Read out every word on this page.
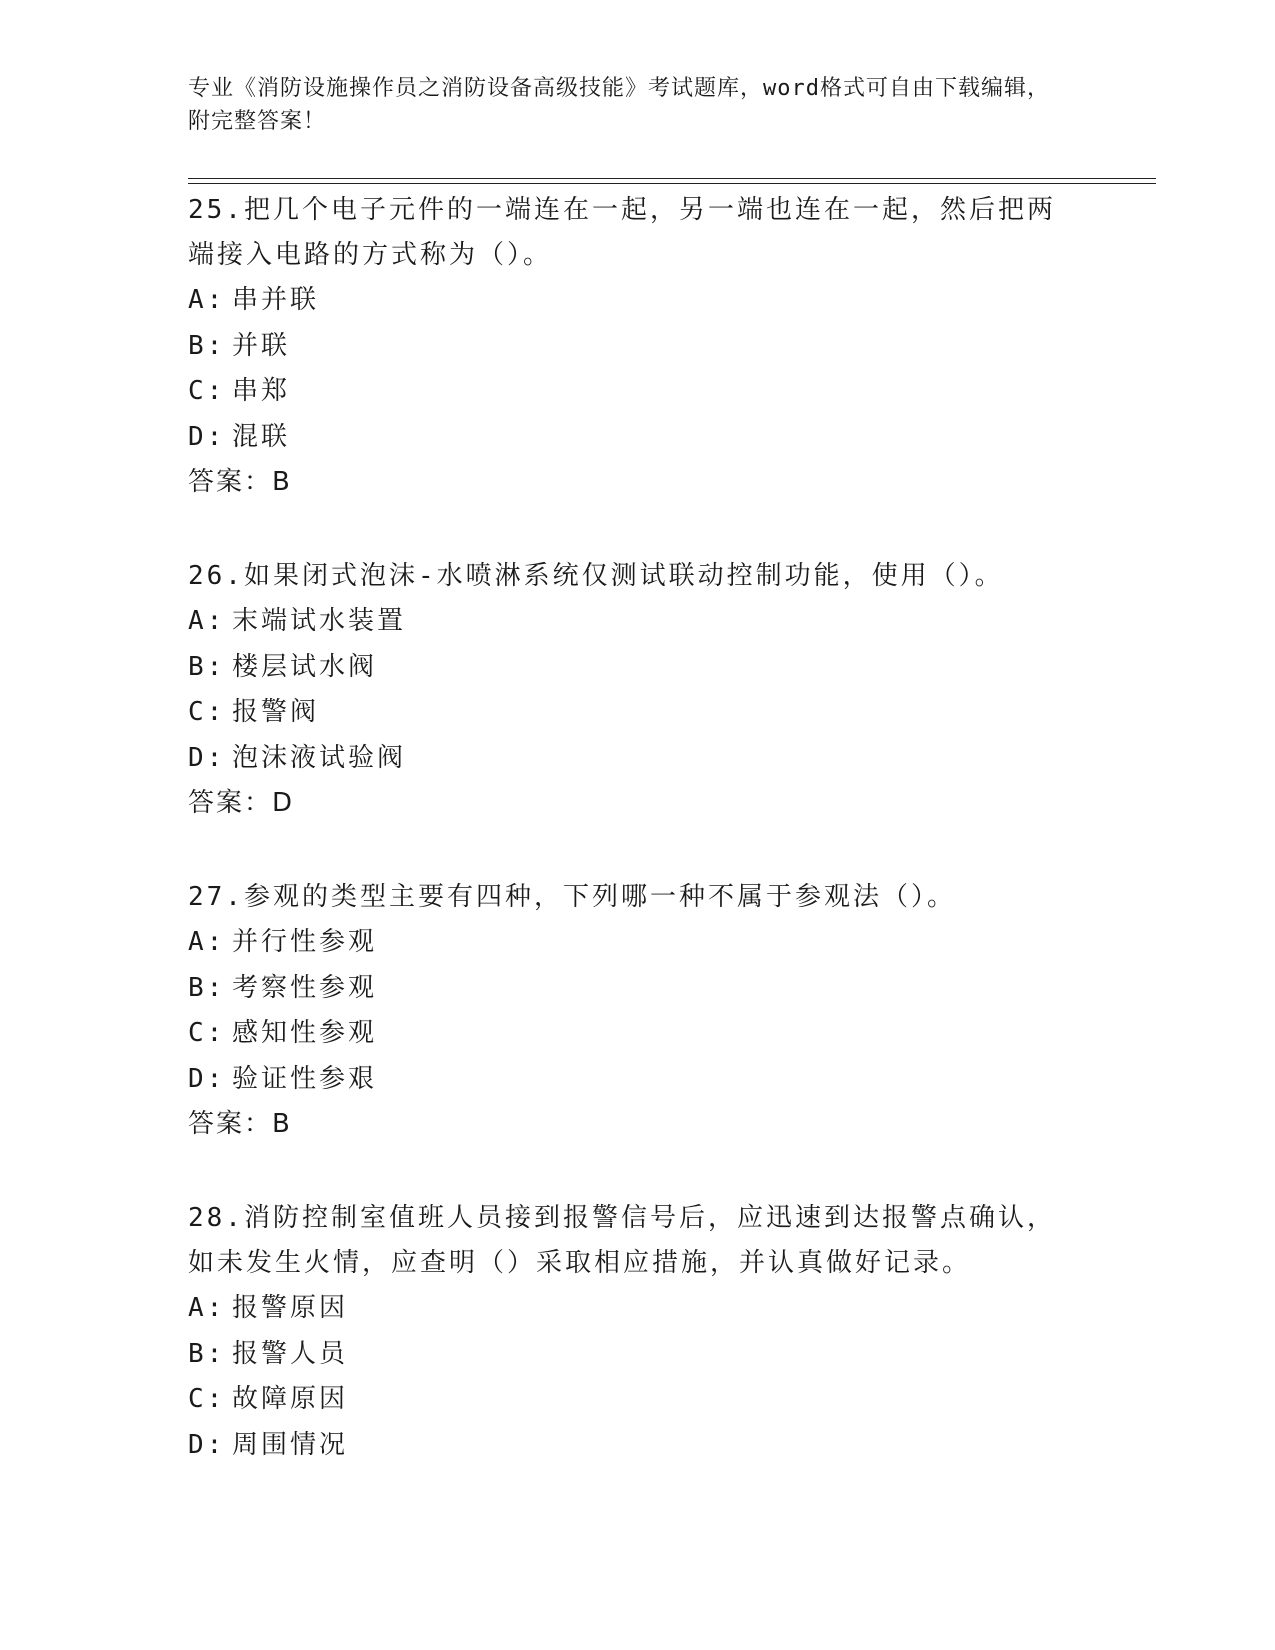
专业《消防设施操作员之消防设备高级技能》考试题库，word格式可自由下载编辑，附完整答案！
25.把几个电子元件的一端连在一起，另一端也连在一起，然后把两端接入电路的方式称为（）。
A: 串并联
B: 并联
C: 串郑
D: 混联
答案：B
26.如果闭式泡沫-水喷淋系统仅测试联动控制功能，使用（）。
A: 末端试水装置
B: 楼层试水阀
C: 报警阀
D: 泡沫液试验阀
答案：D
27.参观的类型主要有四种，下列哪一种不属于参观法（）。
A: 并行性参观
B: 考察性参观
C: 感知性参观
D: 验证性参艰
答案：B
28.消防控制室值班人员接到报警信号后，应迅速到达报警点确认，如未发生火情，应查明（）采取相应措施，并认真做好记录。
A: 报警原因
B: 报警人员
C: 故障原因
D: 周围情况
